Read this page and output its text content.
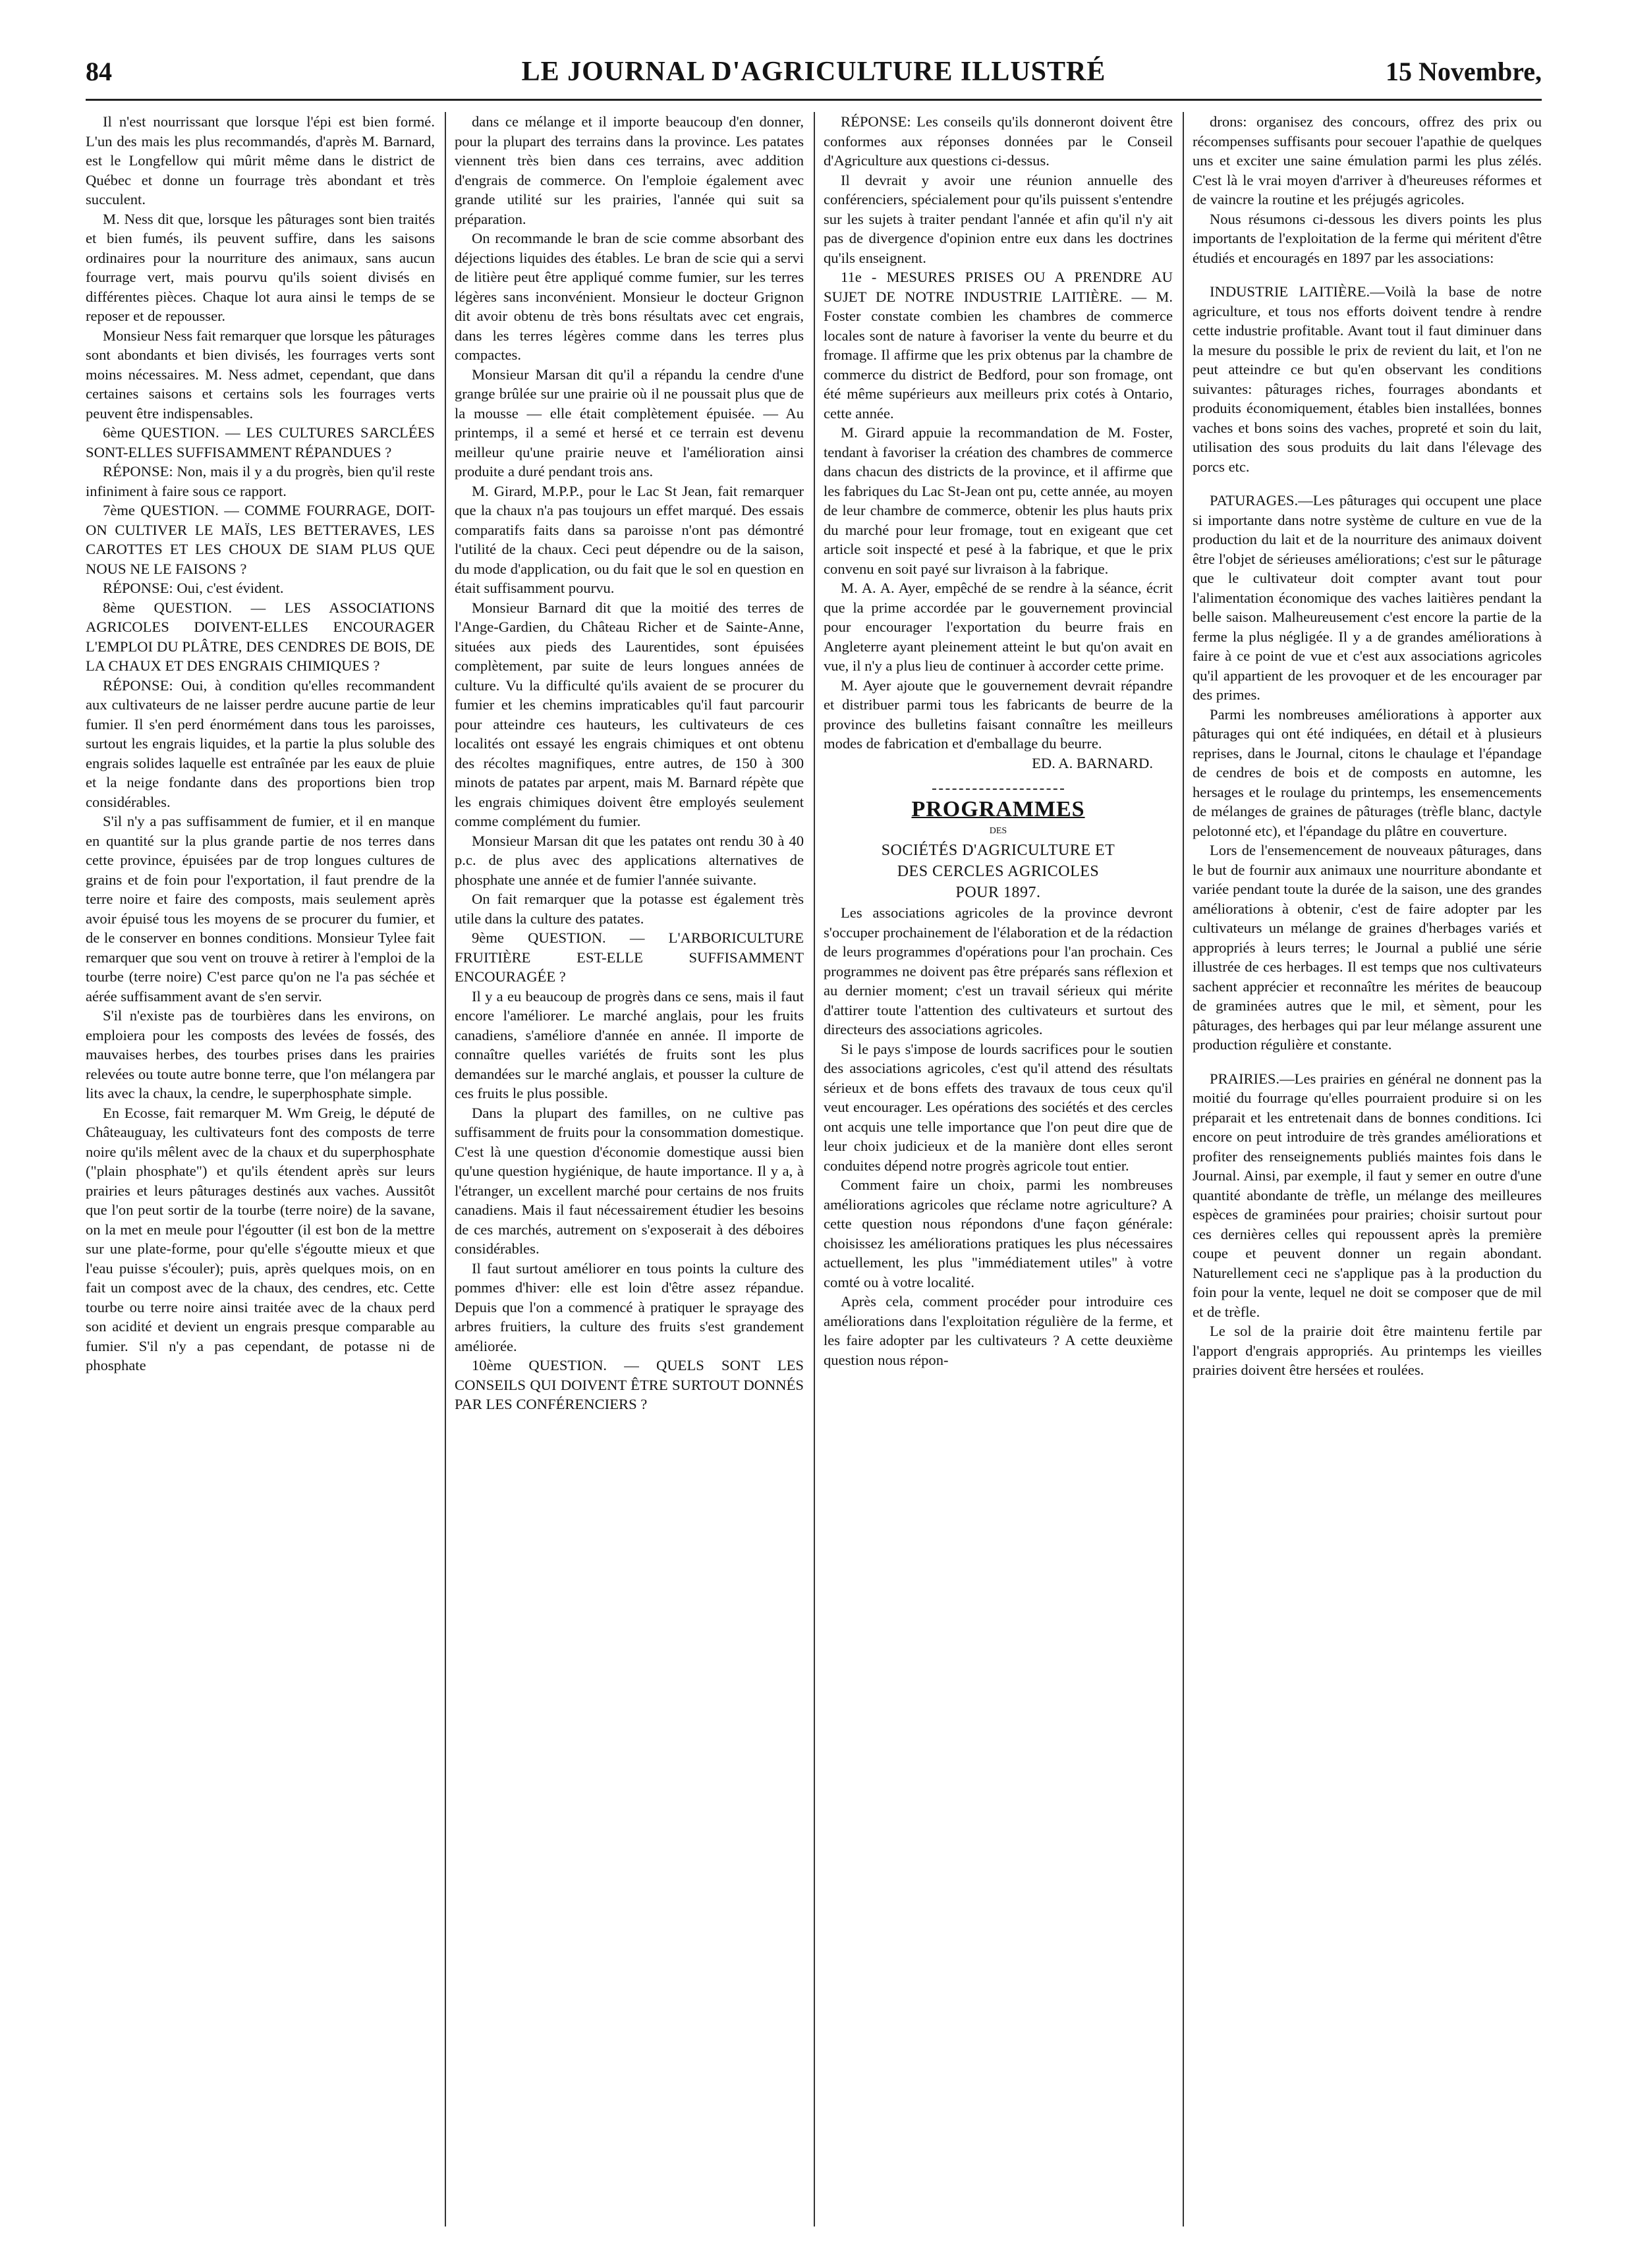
84	LE JOURNAL D'AGRICULTURE ILLUSTRÉ	15 Novembre,

Il n'est nourrissant que lorsque l'épi est bien formé. L'un des mais les plus recommandés, d'après M. Barnard, est le Longfellow qui mûrit même dans le district de Québec et donne un fourrage très abondant et très succulent.

M. Ness dit que, lorsque les pâturages sont bien traités et bien fumés, ils peuvent suffire, dans les saisons ordinaires pour la nourriture des animaux, sans aucun fourrage vert, mais pourvu qu'ils soient divisés en différentes pièces. Chaque lot aura ainsi le temps de se reposer et de repousser.

Monsieur Ness fait remarquer que lorsque les pâturages sont abondants et bien divisés, les fourrages verts sont moins nécessaires. M. Ness admet, cependant, que dans certaines saisons et certains sols les fourrages verts peuvent être indispensables.

6ème QUESTION. — LES CULTURES SARCLÉES SONT-ELLES SUFFISAMMENT RÉPANDUES ?

RÉPONSE: Non, mais il y a du progrès, bien qu'il reste infiniment à faire sous ce rapport.

7ème QUESTION. — COMME FOURRAGE, DOIT-ON CULTIVER LE MAÏS, LES BETTERAVES, LES CAROTTES ET LES CHOUX DE SIAM PLUS QUE NOUS NE LE FAISONS ?

RÉPONSE: Oui, c'est évident.

8ème QUESTION. — LES ASSOCIATIONS AGRICOLES DOIVENT-ELLES ENCOURAGER L'EMPLOI DU PLÂTRE, DES CENDRES DE BOIS, DE LA CHAUX ET DES ENGRAIS CHIMIQUES ?

RÉPONSE: Oui, à condition qu'elles recommandent aux cultivateurs de ne laisser perdre aucune partie de leur fumier. Il s'en perd énormément dans tous les paroisses, surtout les engrais liquides, et la partie la plus soluble des engrais solides laquelle est entraînée par les eaux de pluie et la neige fondante dans des proportions bien trop considérables.

S'il n'y a pas suffisamment de fumier, et il en manque en quantité sur la plus grande partie de nos terres dans cette province, épuisées par de trop longues cultures de grains et de foin pour l'exportation, il faut prendre de la terre noire et faire des composts, mais seulement après avoir épuisé tous les moyens de se procurer du fumier, et de le conserver en bonnes conditions. Monsieur Tylee fait remarquer que sou vent on trouve à retirer à l'emploi de la tourbe (terre noire) C'est parce qu'on ne l'a pas séchée et aérée suffisamment avant de s'en servir.

S'il n'existe pas de tourbières dans les environs, on emploiera pour les composts des levées de fossés, des mauvaises herbes, des tourbes prises dans les prairies relevées ou toute autre bonne terre, que l'on mélangera par lits avec la chaux, la cendre, le superphosphate simple.

En Ecosse, fait remarquer M. Wm Greig, le député de Châteauguay, les cultivateurs font des composts de terre noire qu'ils mêlent avec de la chaux et du superphosphate ("plain phosphate") et qu'ils étendent après sur leurs prairies et leurs pâturages destinés aux vaches. Aussitôt que l'on peut sortir de la tourbe (terre noire) de la savane, on la met en meule pour l'égoutter (il est bon de la mettre sur une plate-forme, pour qu'elle s'égoutte mieux et que l'eau puisse s'écouler); puis, après quelques mois, on en fait un compost avec de la chaux, des cendres, etc. Cette tourbe ou terre noire ainsi traitée avec de la chaux perd son acidité et devient un engrais presque comparable au fumier. S'il n'y a pas cependant, de potasse ni de phosphate

dans ce mélange et il importe beaucoup d'en donner, pour la plupart des terrains dans la province. Les patates viennent très bien dans ces terrains, avec addition d'engrais de commerce. On l'emploie également avec grande utilité sur les prairies, l'année qui suit sa préparation.

On recommande le bran de scie comme absorbant des déjections liquides des étables. Le bran de scie qui a servi de litière peut être appliqué comme fumier, sur les terres légères sans inconvénient. Monsieur le docteur Grignon dit avoir obtenu de très bons résultats avec cet engrais, dans les terres légères comme dans les terres plus compactes.

Monsieur Marsan dit qu'il a répandu la cendre d'une grange brûlée sur une prairie où il ne poussait plus que de la mousse — elle était complètement épuisée. — Au printemps, il a semé et hersé et ce terrain est devenu meilleur qu'une prairie neuve et l'amélioration ainsi produite a duré pendant trois ans.

M. Girard, M.P.P., pour le Lac St Jean, fait remarquer que la chaux n'a pas toujours un effet marqué. Des essais comparatifs faits dans sa paroisse n'ont pas démontré l'utilité de la chaux. Ceci peut dépendre ou de la saison, du mode d'application, ou du fait que le sol en question en était suffisamment pourvu.

Monsieur Barnard dit que la moitié des terres de l'Ange-Gardien, du Château Richer et de Sainte-Anne, situées aux pieds des Laurentides, sont épuisées complètement, par suite de leurs longues années de culture. Vu la difficulté qu'ils avaient de se procurer du fumier et les chemins impraticables qu'il faut parcourir pour atteindre ces hauteurs, les cultivateurs de ces localités ont essayé les engrais chimiques et ont obtenu des récoltes magnifiques, entre autres, de 150 à 300 minots de patates par arpent, mais M. Barnard répète que les engrais chimiques doivent être employés seulement comme complément du fumier.

Monsieur Marsan dit que les patates ont rendu 30 à 40 p.c. de plus avec des applications alternatives de phosphate une année et de fumier l'année suivante.

On fait remarquer que la potasse est également très utile dans la culture des patates.

9ème QUESTION. — L'ARBORICULTURE FRUITIÈRE EST-ELLE SUFFISAMMENT ENCOURAGÉE ?

Il y a eu beaucoup de progrès dans ce sens, mais il faut encore l'améliorer. Le marché anglais, pour les fruits canadiens, s'améliore d'année en année. Il importe de connaître quelles variétés de fruits sont les plus demandées sur le marché anglais, et pousser la culture de ces fruits le plus possible.

Dans la plupart des familles, on ne cultive pas suffisamment de fruits pour la consommation domestique. C'est là une question d'économie domestique aussi bien qu'une question hygiénique, de haute importance. Il y a, à l'étranger, un excellent marché pour certains de nos fruits canadiens. Mais il faut nécessairement étudier les besoins de ces marchés, autrement on s'exposerait à des déboires considérables.

Il faut surtout améliorer en tous points la culture des pommes d'hiver: elle est loin d'être assez répandue. Depuis que l'on a commencé à pratiquer le sprayage des arbres fruitiers, la culture des fruits s'est grandement améliorée.

10ème QUESTION. — QUELS SONT LES CONSEILS QUI DOIVENT ÊTRE SURTOUT DONNÉS PAR LES CONFÉRENCIERS ?

RÉPONSE: Les conseils qu'ils donneront doivent être conformes aux réponses données par le Conseil d'Agriculture aux questions ci-dessus.

Il devrait y avoir une réunion annuelle des conférenciers, spécialement pour qu'ils puissent s'entendre sur les sujets à traiter pendant l'année et afin qu'il n'y ait pas de divergence d'opinion entre eux dans les doctrines qu'ils enseignent.

11e - MESURES PRISES OU A PRENDRE AU SUJET DE NOTRE INDUSTRIE LAITIÈRE. — M. Foster constate combien les chambres de commerce locales sont de nature à favoriser la vente du beurre et du fromage. Il affirme que les prix obtenus par la chambre de commerce du district de Bedford, pour son fromage, ont été même supérieurs aux meilleurs prix cotés à Ontario, cette année.

M. Girard appuie la recommandation de M. Foster, tendant à favoriser la création des chambres de commerce dans chacun des districts de la province, et il affirme que les fabriques du Lac St-Jean ont pu, cette année, au moyen de leur chambre de commerce, obtenir les plus hauts prix du marché pour leur fromage, tout en exigeant que cet article soit inspecté et pesé à la fabrique, et que le prix convenu en soit payé sur livraison à la fabrique.

M. A. A. Ayer, empêché de se rendre à la séance, écrit que la prime accordée par le gouvernement provincial pour encourager l'exportation du beurre frais en Angleterre ayant pleinement atteint le but qu'on avait en vue, il n'y a plus lieu de continuer à accorder cette prime.

M. Ayer ajoute que le gouvernement devrait répandre et distribuer parmi tous les fabricants de beurre de la province des bulletins faisant connaître les meilleurs modes de fabrication et d'emballage du beurre.

ED. A. BARNARD.

PROGRAMMES

DES

SOCIÉTÉS D'AGRICULTURE ET
DES CERCLES AGRICOLES
POUR 1897.

Les associations agricoles de la province devront s'occuper prochainement de l'élaboration et de la rédaction de leurs programmes d'opérations pour l'an prochain. Ces programmes ne doivent pas être préparés sans réflexion et au dernier moment; c'est un travail sérieux qui mérite d'attirer toute l'attention des cultivateurs et surtout des directeurs des associations agricoles.

Si le pays s'impose de lourds sacrifices pour le soutien des associations agricoles, c'est qu'il attend des résultats sérieux et de bons effets des travaux de tous ceux qu'il veut encourager. Les opérations des sociétés et des cercles ont acquis une telle importance que l'on peut dire que de leur choix judicieux et de la manière dont elles seront conduites dépend notre progrès agricole tout entier.

Comment faire un choix, parmi les nombreuses améliorations agricoles que réclame notre agriculture? A cette question nous répondons d'une façon générale: choisissez les améliorations pratiques les plus nécessaires actuellement, les plus "immédiatement utiles" à votre comté ou à votre localité.

Après cela, comment procéder pour introduire ces améliorations dans l'exploitation régulière de la ferme, et les faire adopter par les cultivateurs ? A cette deuxième question nous répon-

drons: organisez des concours, offrez des prix ou récompenses suffisants pour secouer l'apathie de quelques uns et exciter une saine émulation parmi les plus zélés. C'est là le vrai moyen d'arriver à d'heureuses réformes et de vaincre la routine et les préjugés agricoles.

Nous résumons ci-dessous les divers points les plus importants de l'exploitation de la ferme qui méritent d'être étudiés et encouragés en 1897 par les associations:

INDUSTRIE LAITIÈRE.—Voilà la base de notre agriculture, et tous nos efforts doivent tendre à rendre cette industrie profitable. Avant tout il faut diminuer dans la mesure du possible le prix de revient du lait, et l'on ne peut atteindre ce but qu'en observant les conditions suivantes: pâturages riches, fourrages abondants et produits économiquement, étables bien installées, bonnes vaches et bons soins des vaches, propreté et soin du lait, utilisation des sous produits du lait dans l'élevage des porcs etc.

PATURAGES.—Les pâturages qui occupent une place si importante dans notre système de culture en vue de la production du lait et de la nourriture des animaux doivent être l'objet de sérieuses améliorations; c'est sur le pâturage que le cultivateur doit compter avant tout pour l'alimentation économique des vaches laitières pendant la belle saison. Malheureusement c'est encore la partie de la ferme la plus négligée. Il y a de grandes améliorations à faire à ce point de vue et c'est aux associations agricoles qu'il appartient de les provoquer et de les encourager par des primes.

Parmi les nombreuses améliorations à apporter aux pâturages qui ont été indiquées, en détail et à plusieurs reprises, dans le Journal, citons le chaulage et l'épandage de cendres de bois et de composts en automne, les hersages et le roulage du printemps, les ensemencements de mélanges de graines de pâturages (trèfle blanc, dactyle pelotonné etc), et l'épandage du plâtre en couverture.

Lors de l'ensemencement de nouveaux pâturages, dans le but de fournir aux animaux une nourriture abondante et variée pendant toute la durée de la saison, une des grandes améliorations à obtenir, c'est de faire adopter par les cultivateurs un mélange de graines d'herbages variés et appropriés à leurs terres; le Journal a publié une série illustrée de ces herbages. Il est temps que nos cultivateurs sachent apprécier et reconnaître les mérites de beaucoup de graminées autres que le mil, et sèment, pour les pâturages, des herbages qui par leur mélange assurent une production régulière et constante.

PRAIRIES.—Les prairies en général ne donnent pas la moitié du fourrage qu'elles pourraient produire si on les préparait et les entretenait dans de bonnes conditions. Ici encore on peut introduire de très grandes améliorations et profiter des renseignements publiés maintes fois dans le Journal. Ainsi, par exemple, il faut y semer en outre d'une quantité abondante de trèfle, un mélange des meilleures espèces de graminées pour prairies; choisir surtout pour ces dernières celles qui repoussent après la première coupe et peuvent donner un regain abondant. Naturellement ceci ne s'applique pas à la production du foin pour la vente, lequel ne doit se composer que de mil et de trèfle.

Le sol de la prairie doit être maintenu fertile par l'apport d'engrais appropriés. Au printemps les vieilles prairies doivent être hersées et roulées.
